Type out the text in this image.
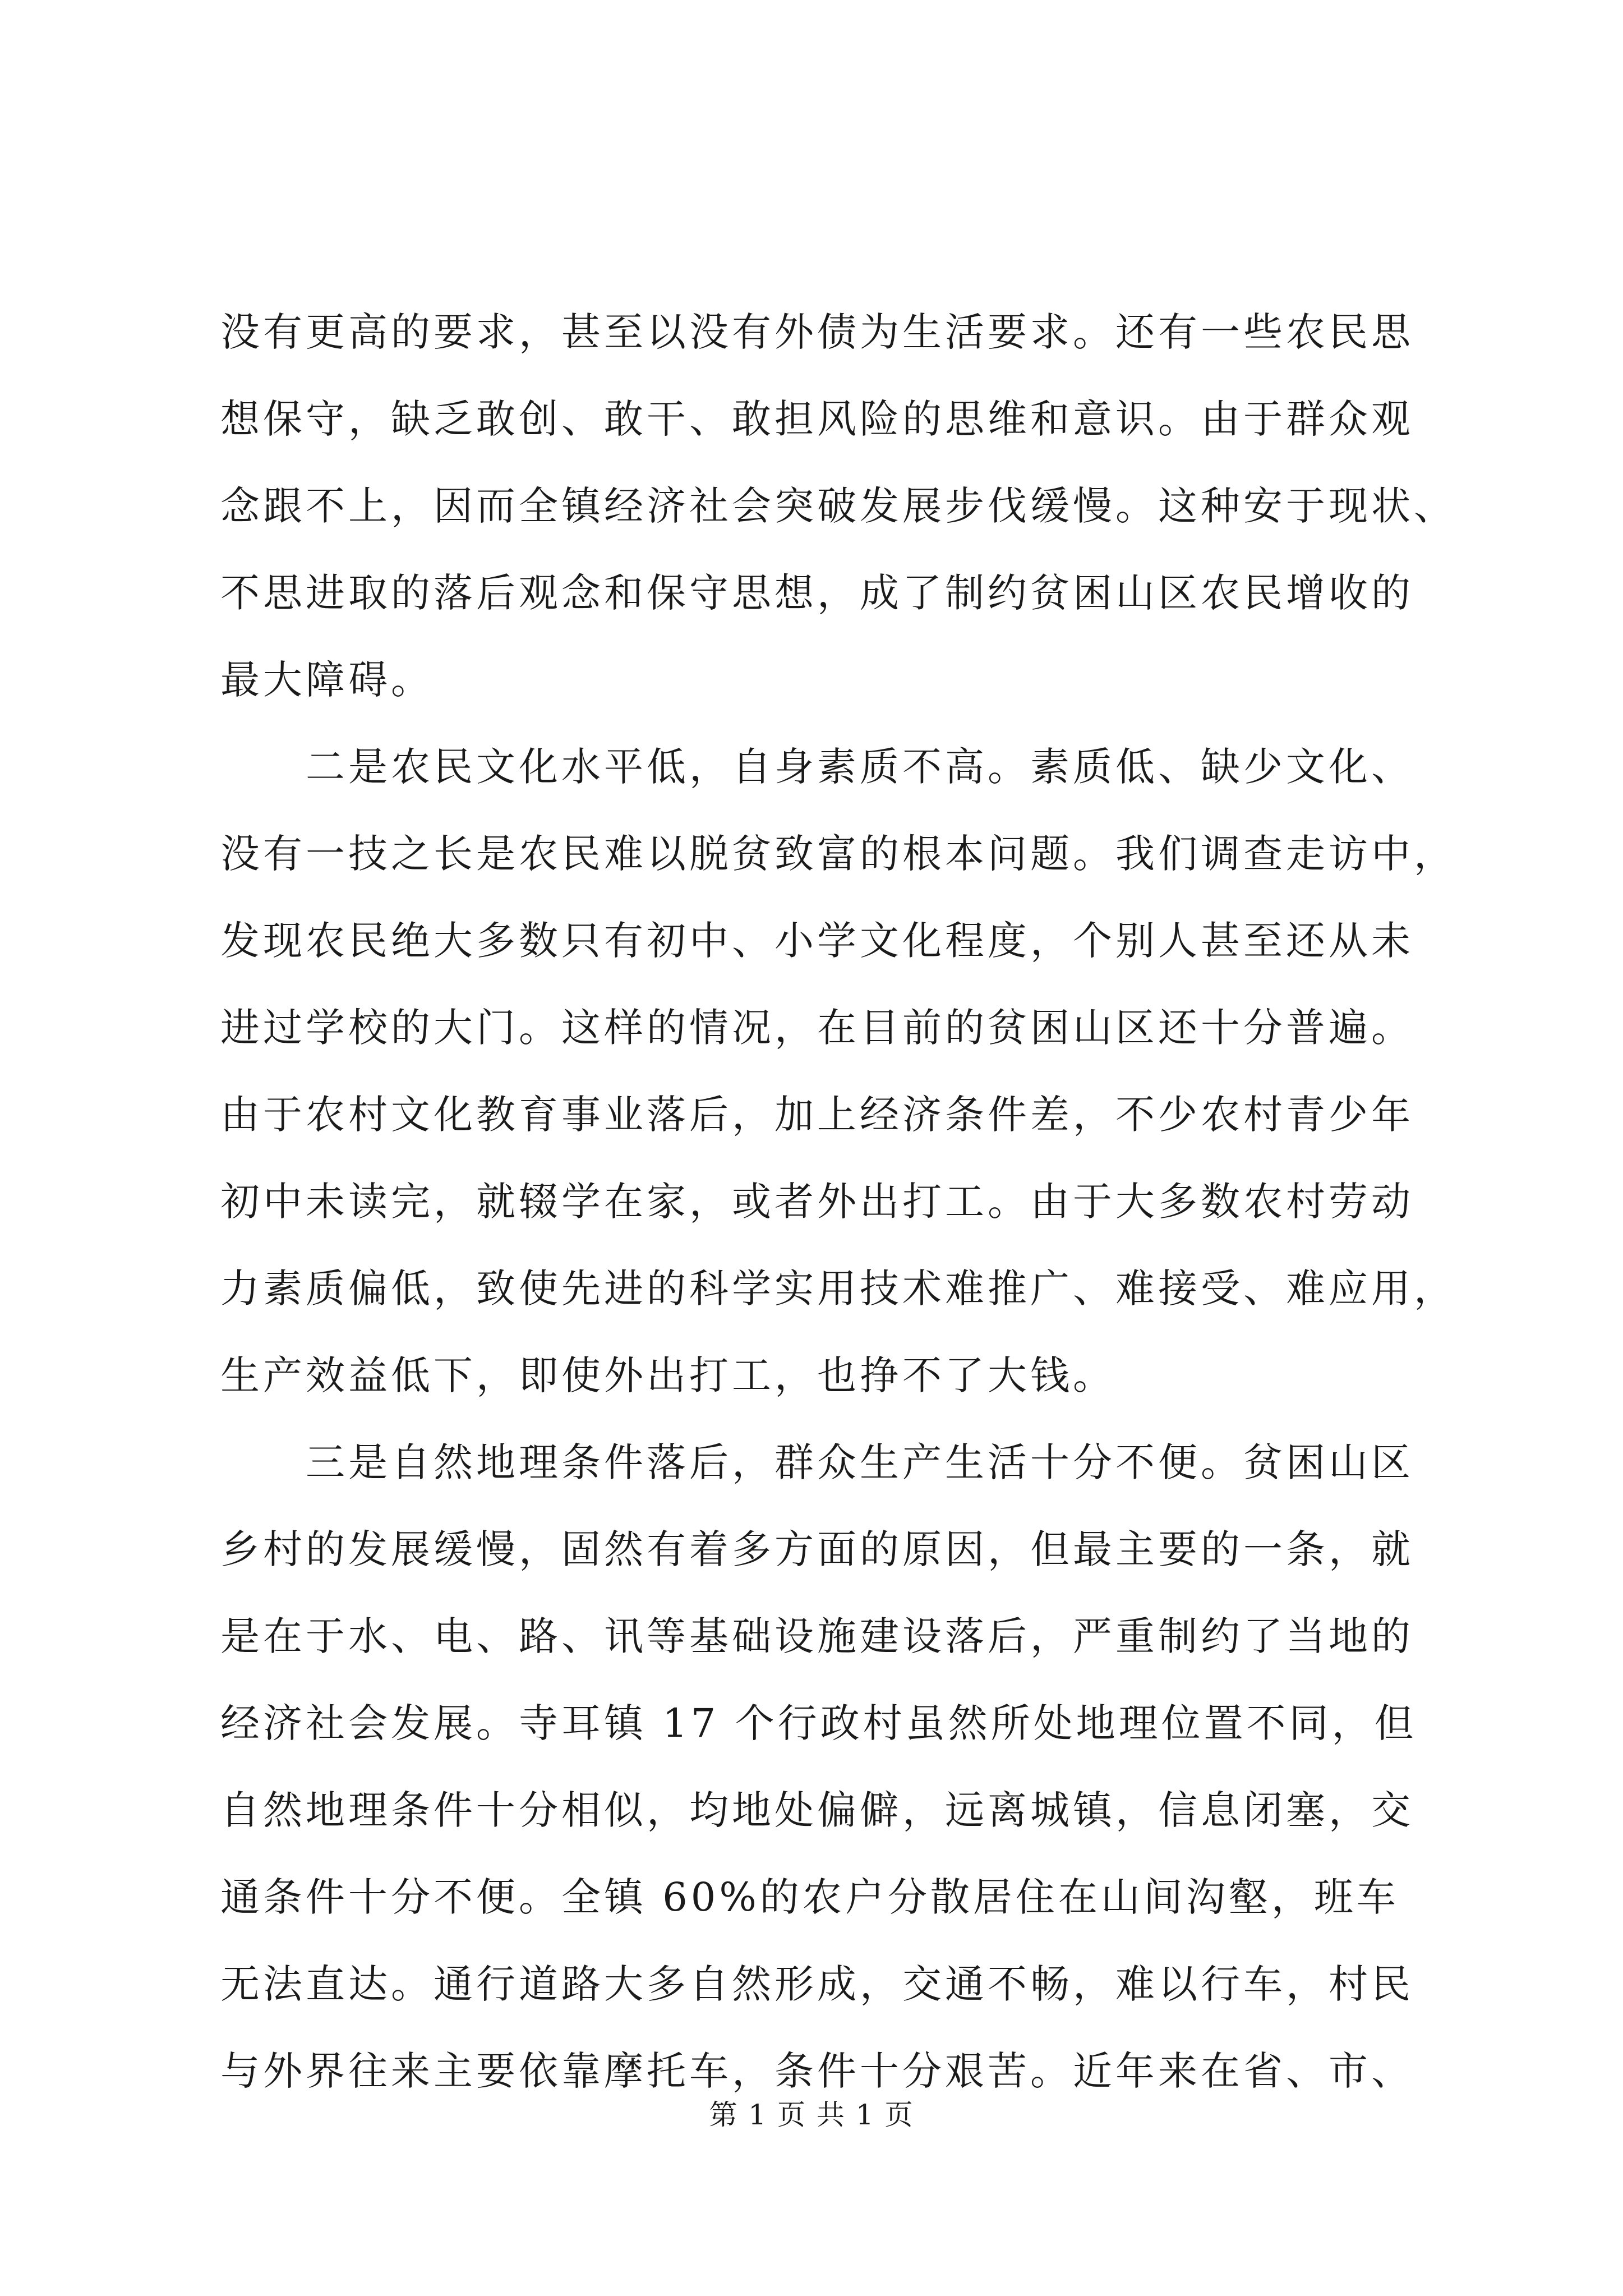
没有更高的要求，甚至以没有外债为生活要求。还有一些农民思
想保守，缺乏敢创、敢干、敢担风险的思维和意识。由于群众观
念跟不上，因而全镇经济社会突破发展步伐缓慢。这种安于现状、
不思进取的落后观念和保守思想，成了制约贫困山区农民增收的
最大障碍。
　　二是农民文化水平低，自身素质不高。素质低、缺少文化、
没有一技之长是农民难以脱贫致富的根本问题。我们调查走访中，
发现农民绝大多数只有初中、小学文化程度，个别人甚至还从未
进过学校的大门。这样的情况，在目前的贫困山区还十分普遍。
由于农村文化教育事业落后，加上经济条件差，不少农村青少年
初中未读完，就辍学在家，或者外出打工。由于大多数农村劳动
力素质偏低，致使先进的科学实用技术难推广、难接受、难应用，
生产效益低下，即使外出打工，也挣不了大钱。
　　三是自然地理条件落后，群众生产生活十分不便。贫困山区
乡村的发展缓慢，固然有着多方面的原因，但最主要的一条，就
是在于水、电、路、讯等基础设施建设落后，严重制约了当地的
经济社会发展。寺耳镇 17 个行政村虽然所处地理位置不同，但
自然地理条件十分相似，均地处偏僻，远离城镇，信息闭塞，交
通条件十分不便。全镇 60%的农户分散居住在山间沟壑，班车
无法直达。通行道路大多自然形成，交通不畅，难以行车，村民
与外界往来主要依靠摩托车，条件十分艰苦。近年来在省、市、
第 1 页 共 1 页
